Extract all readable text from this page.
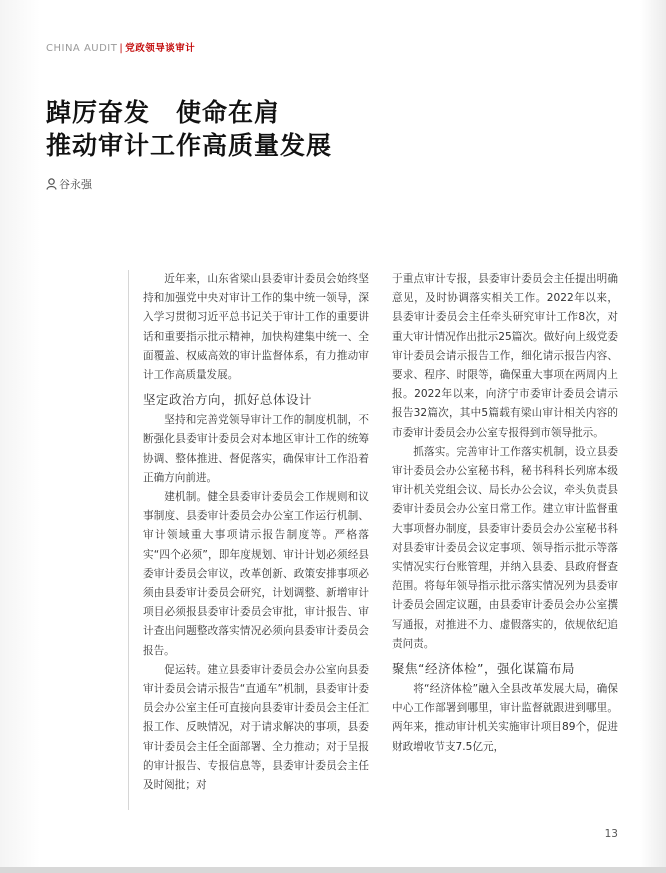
CHINA AUDIT | 党政领导谈审计
踔厉奋发　使命在肩
推动审计工作高质量发展
谷永强

近年来，山东省梁山县委审计委员会始终坚持和加强党中央对审计工作的集中统一领导，深入学习贯彻习近平总书记关于审计工作的重要讲话和重要指示批示精神，加快构建集中统一、全面覆盖、权威高效的审计监督体系，有力推动审计工作高质量发展。

坚定政治方向，抓好总体设计

坚持和完善党领导审计工作的制度机制，不断强化县委审计委员会对本地区审计工作的统筹协调、整体推进、督促落实，确保审计工作沿着正确方向前进。

建机制。健全县委审计委员会工作规则和议事制度、县委审计委员会办公室工作运行机制、审计领域重大事项请示报告制度等。严格落实“四个必须”，即年度规划、审计计划必须经县委审计委员会审议，改革创新、政策安排事项必须由县委审计委员会研究，计划调整、新增审计项目必须报县委审计委员会审批，审计报告、审计查出问题整改落实情况必须向县委审计委员会报告。

促运转。建立县委审计委员会办公室向县委审计委员会请示报告“直通车”机制，县委审计委员会办公室主任可直接向县委审计委员会主任汇报工作、反映情况，对于请求解决的事项，县委审计委员会主任全面部署、全力推动；对于呈报的审计报告、专报信息等，县委审计委员会主任及时阅批；对

于重点审计专报，县委审计委员会主任提出明确意见，及时协调落实相关工作。2022年以来，县委审计委员会主任牵头研究审计工作8次，对重大审计情况作出批示25篇次。做好向上级党委审计委员会请示报告工作，细化请示报告内容、要求、程序、时限等，确保重大事项在两周内上报。2022年以来，向济宁市委审计委员会请示报告32篇次，其中5篇载有梁山审计相关内容的市委审计委员会办公室专报得到市领导批示。

抓落实。完善审计工作落实机制，设立县委审计委员会办公室秘书科，秘书科科长列席本级审计机关党组会议、局长办公会议，牵头负责县委审计委员会办公室日常工作。建立审计监督重大事项督办制度，县委审计委员会办公室秘书科对县委审计委员会议定事项、领导指示批示等落实情况实行台账管理，并纳入县委、县政府督查范围。将每年领导指示批示落实情况列为县委审计委员会固定议题，由县委审计委员会办公室撰写通报，对推进不力、虚假落实的，依规依纪追责问责。

聚焦“经济体检”，强化谋篇布局

将“经济体检”融入全县改革发展大局，确保中心工作部署到哪里，审计监督就跟进到哪里。两年来，推动审计机关实施审计项目89个，促进财政增收节支7.5亿元，

13
